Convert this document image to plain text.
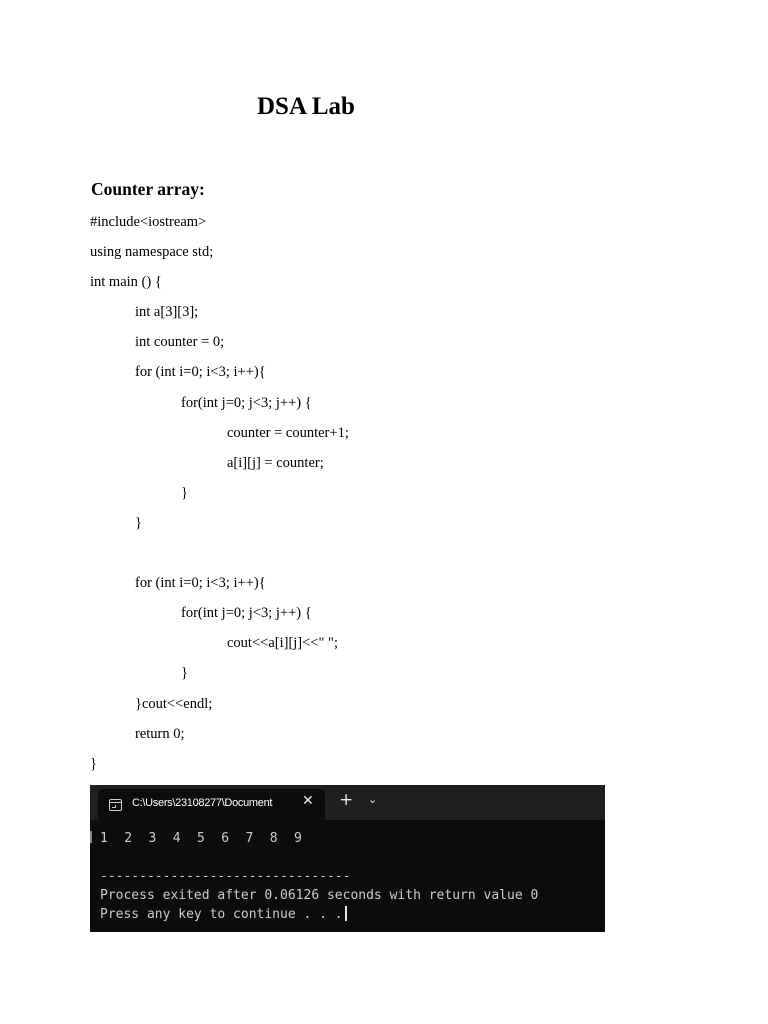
DSA Lab
Counter array:
#include<iostream>
using namespace std;
int main () {
int a[3][3];
int counter = 0;
for (int i=0; i<3; i++){
for(int j=0; j<3; j++) {
counter = counter+1;
a[i][j] = counter;
}
}
for (int i=0; i<3; i++){
for(int j=0; j<3; j++) {
cout<<a[i][j]<<" ";
}
}cout<<endl;
return 0;
}
C:\Users\23108277\Document	✕ + ⌄
1 2 3 4 5 6 7 8 9
--------------------------------
Process exited after 0.06126 seconds with return value 0
Press any key to continue . . .
